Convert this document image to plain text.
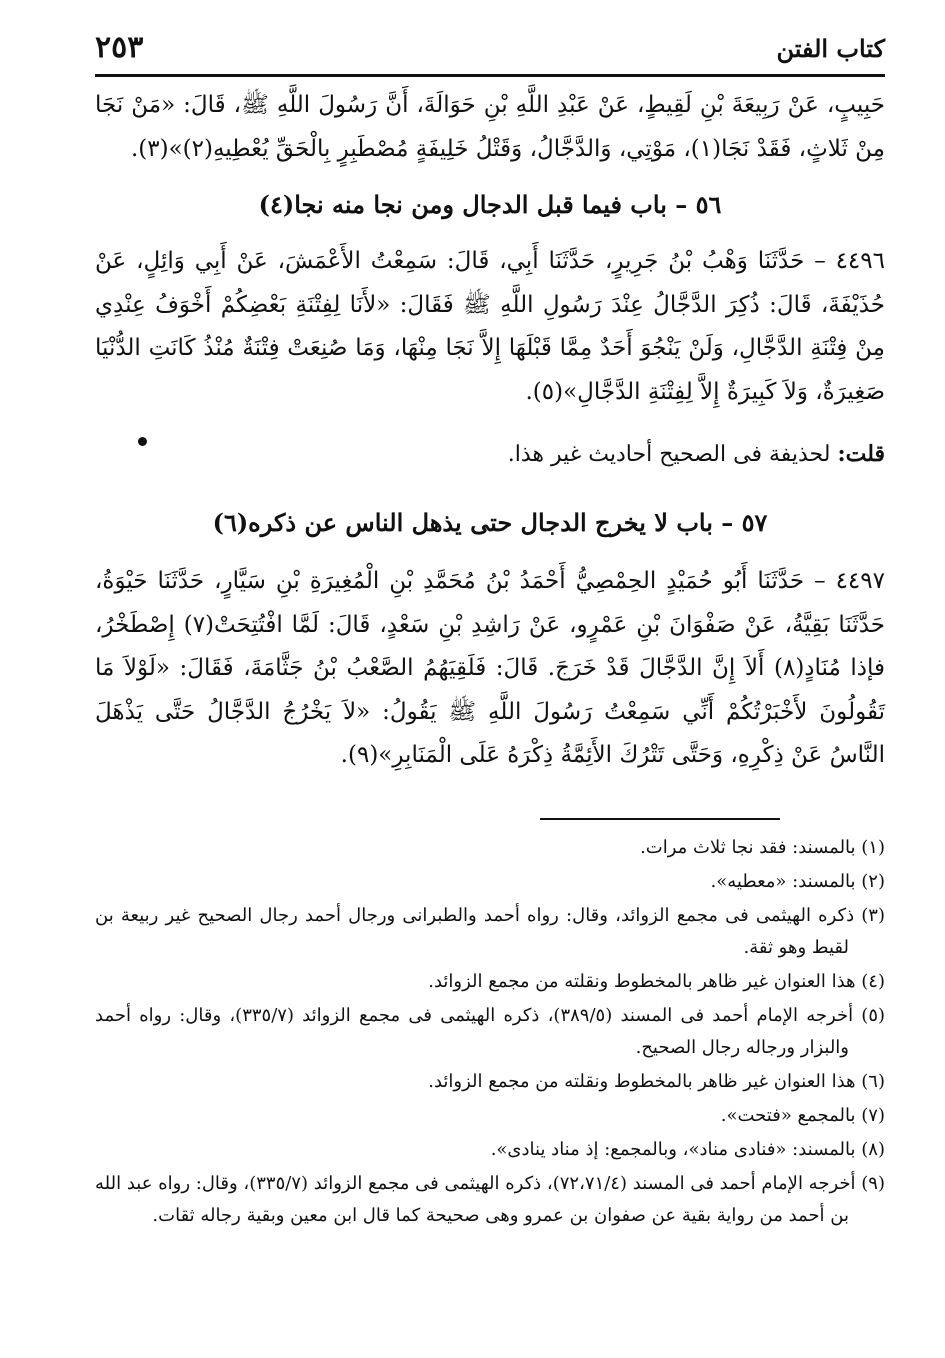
كتاب الفتن
٢٥٣

حَبِيبٍ، عَنْ رَبِيعَةَ بْنِ لَقِيطٍ، عَنْ عَبْدِ اللَّهِ بْنِ حَوَالَةَ، أَنَّ رَسُولَ اللَّهِ ﷺ، قَالَ: «مَنْ نَجَا مِنْ ثَلاثٍ، فَقَدْ نَجَا(١)، مَوْتِي، وَالدَّجَّالُ، وَقَتْلُ خَلِيفَةٍ مُصْطَبِرٍ بِالْحَقِّ يُعْطِيهِ(٢)»(٣).

٥٦ – باب فيما قبل الدجال ومن نجا منه نجا(٤)

٤٤٩٦ – حَدَّثَنَا وَهْبُ بْنُ جَرِيرٍ، حَدَّثَنَا أَبِي، قَالَ: سَمِعْتُ الأَعْمَشَ، عَنْ أَبِي وَائِلٍ، عَنْ حُذَيْفَةَ، قَالَ: ذُكِرَ الدَّجَّالُ عِنْدَ رَسُولِ اللَّهِ ﷺ فَقَالَ: «لأَنَا لِفِتْنَةِ بَعْضِكُمْ أَخْوَفُ عِنْدِي مِنْ فِتْنَةِ الدَّجَّالِ، وَلَنْ يَنْجُوَ أَحَدٌ مِمَّا قَبْلَهَا إِلاَّ نَجَا مِنْهَا، وَمَا صُنِعَتْ فِتْنَةٌ مُنْذُ كَانَتِ الدُّنْيَا صَغِيرَةٌ، وَلاَ كَبِيرَةٌ إِلاَّ لِفِتْنَةِ الدَّجَّالِ»(٥).

قلت: لحذيفة فى الصحيح أحاديث غير هذا.

٥٧ – باب لا يخرج الدجال حتى يذهل الناس عن ذكره(٦)

٤٤٩٧ – حَدَّثَنَا أَبُو حُمَيْدٍ الحِمْصِيُّ أَحْمَدُ بْنُ مُحَمَّدِ بْنِ الْمُغِيرَةِ بْنِ سَيَّارٍ، حَدَّثَنَا حَيْوَةُ، حَدَّثَنَا بَقِيَّةُ، عَنْ صَفْوَانَ بْنِ عَمْرٍو، عَنْ رَاشِدِ بْنِ سَعْدٍ، قَالَ: لَمَّا افْتُتِحَتْ(٧) إِصْطَخْرُ، فإذا مُنَادٍ(٨) أَلاَ إِنَّ الدَّجَّالَ قَدْ خَرَجَ. قَالَ: فَلَقِيَهُمُ الصَّعْبُ بْنُ جَثَّامَةَ، فَقَالَ: «لَوْلاَ مَا تَقُولُونَ لأَخْبَرْتُكُمْ أَنِّي سَمِعْتُ رَسُولَ اللَّهِ ﷺ يَقُولُ: «لاَ يَخْرُجُ الدَّجَّالُ حَتَّى يَذْهَلَ النَّاسُ عَنْ ذِكْرِهِ، وَحَتَّى تَتْرُكَ الأَئِمَّةُ ذِكْرَهُ عَلَى الْمَنَابِرِ»(٩).

(١) بالمسند: فقد نجا ثلاث مرات.

(٢) بالمسند: «معطيه».

(٣) ذكره الهيثمى فى مجمع الزوائد، وقال: رواه أحمد والطبرانى ورجال أحمد رجال الصحيح غير ربيعة بن لقيط وهو ثقة.

(٤) هذا العنوان غير ظاهر بالمخطوط ونقلته من مجمع الزوائد.

(٥) أخرجه الإمام أحمد فى المسند (٣٨٩/٥)، ذكره الهيثمى فى مجمع الزوائد (٣٣٥/٧)، وقال: رواه أحمد والبزار ورجاله رجال الصحيح.

(٦) هذا العنوان غير ظاهر بالمخطوط ونقلته من مجمع الزوائد.

(٧) بالمجمع «فتحت».

(٨) بالمسند: «فنادى مناد»، وبالمجمع: إذ مناد ينادى».

(٩) أخرجه الإمام أحمد فى المسند (٧٢،٧١/٤)، ذكره الهيثمى فى مجمع الزوائد (٣٣٥/٧)، وقال: رواه عبد الله بن أحمد من رواية بقية عن صفوان بن عمرو وهى صحيحة كما قال ابن معين وبقية رجاله ثقات.
